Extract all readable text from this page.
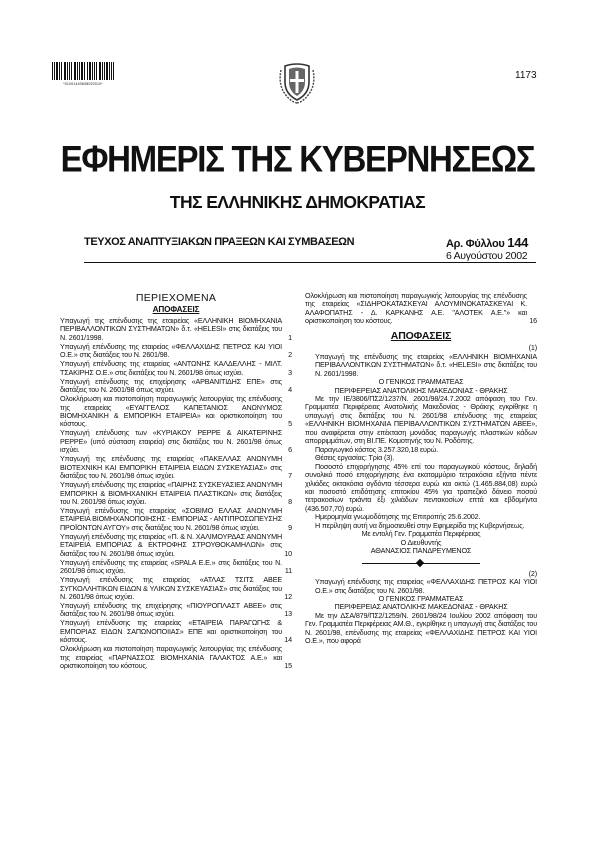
*01001440608020010*
1173
ΕΦΗΜΕΡΙΣ ΤΗΣ ΚΥΒΕΡΝΗΣΕΩΣ
ΤΗΣ ΕΛΛΗΝΙΚΗΣ ΔΗΜΟΚΡΑΤΙΑΣ
ΤΕΥΧΟΣ ΑΝΑΠΤΥΞΙΑΚΩΝ ΠΡΑΞΕΩΝ ΚΑΙ ΣΥΜΒΑΣΕΩΝ	Αρ. Φύλλου 144
6 Αυγούστου 2002
ΠΕΡΙΕΧΟΜΕΝΑ
ΑΠΟΦΑΣΕΙΣ
Υπαγωγή της επένδυσης της εταιρείας «ΕΛΛΗΝΙΚΗ ΒΙΟΜΗΧΑΝΙΑ ΠΕΡΙΒΑΛΛΟΝΤΙΚΩΝ ΣΥΣΤΗΜΑΤΩΝ» δ.τ. «HELESI» στις διατάξεις του Ν. 2601/1998.	1
Υπαγωγή επένδυσης της εταιρείας «ΦΕΛΛΑΧΙΔΗΣ ΠΕΤΡΟΣ ΚΑΙ ΥΙΟΙ Ο.Ε.» στις διατάξεις του Ν. 2601/98.	2
Υπαγωγή επένδυσης της εταιρείας «ΑΝΤΩΝΗΣ ΚΑΛΔΕΛΛΗΣ - ΜΙΛΤ. ΤΣΑΚΙΡΗΣ Ο.Ε.» στις διατάξεις του Ν. 2601/98 όπως ισχύει.	3
Υπαγωγή επένδυσης της επιχείρησης «ΑΡΒΑΝΙΤΙΔΗΣ ΕΠΕ» στις διατάξεις του Ν. 2601/98 όπως ισχύει.	4
Ολοκλήρωση και πιστοποίηση παραγωγικής λειτουργίας της επένδυσης της εταιρείας «ΕΥΑΓΓΕΛΟΣ ΚΑΠΕΤΑΝΙΟΣ ΑΝΩΝΥΜΟΣ ΒΙΟΜΗΧΑΝΙΚΗ & ΕΜΠΟΡΙΚΗ ΕΤΑΙΡΕΙΑ» και οριστικοποίηση του κόστους.	5
Υπαγωγή επένδυσης των «ΚΥΡΙΑΚΟΥ ΡΕΡΡΕ & ΑΙΚΑΤΕΡΙΝΗΣ ΡΕΡΡΕ» (υπό σύσταση εταιρεία) στις διατάξεις του Ν. 2601/98 όπως ισχύει.	6
Υπαγωγή της επένδυσης της εταιρείας «ΠΑΚΕΛΛΑΣ ΑΝΩΝΥΜΗ ΒΙΟΤΕΧΝΙΚΗ ΚΑΙ ΕΜΠΟΡΙΚΗ ΕΤΑΙΡΕΙΑ ΕΙΔΩΝ ΣΥΣΚΕΥΑΣΙΑΣ» στις διατάξεις του Ν. 2601/98 όπως ισχύει.	7
Υπαγωγή επένδυσης της εταιρείας «ΠΑΙΡΗΣ ΣΥΣΚΕΥΑΣΙΕΣ ΑΝΩΝΥΜΗ ΕΜΠΟΡΙΚΗ & ΒΙΟΜΗΧΑΝΙΚΗ ΕΤΑΙΡΕΙΑ ΠΛΑΣΤΙΚΩΝ» στις διατάξεις του Ν. 2601/98 όπως ισχύει.	8
Υπαγωγή επένδυσης της εταιρείας «ΣΟΒΙΜΟ ΕΛΛΑΣ ΑΝΩΝΥΜΗ ΕΤΑΙΡΕΙΑ ΒΙΟΜΗΧΑΝΟΠΟΙΗΣΗΣ - ΕΜΠΟΡΙΑΣ - ΑΝΤΙΠΡΟΣΩΠΕΥΣΗΣ ΠΡΟΪΟΝΤΩΝ ΑΥΓΟΥ» στις διατάξεις του Ν. 2601/98 όπως ισχύει.	9
Υπαγωγή επένδυσης της εταιρείας «Π. & Ν. ΧΑΛΙΜΟΥΡΔΑΣ ΑΝΩΝΥΜΗ ΕΤΑΙΡΕΙΑ ΕΜΠΟΡΙΑΣ & ΕΚΤΡΟΦΗΣ ΣΤΡΟΥΘΟΚΑΜΗΛΩΝ» στις διατάξεις του Ν. 2601/98 όπως ισχύει.	10
Υπαγωγή επένδυσης της εταιρείας «SPALA Ε.Ε.» στις διατάξεις του Ν. 2601/98 όπως ισχύει.	11
Υπαγωγή επένδυσης της εταιρείας «ΑΤΛΑΣ ΤΣΙΤΣ ΑΒΕΕ ΣΥΓΚΟΛΛΗΤΙΚΩΝ ΕΙΔΩΝ & ΥΛΙΚΩΝ ΣΥΣΚΕΥΑΣΙΑΣ» στις διατάξεις του Ν. 2601/98 όπως ισχύει.	12
Υπαγωγή επένδυσης της επιχείρησης «ΠΙΟΥΡΟΠΛΑΣΤ ΑΒΕΕ» στις διατάξεις του Ν. 2601/98 όπως ισχύει.	13
Υπαγωγή επένδυσης της εταιρείας «ΕΤΑΙΡΕΙΑ ΠΑΡΑΓΩΓΗΣ & ΕΜΠΟΡΙΑΣ ΕΙΔΩΝ ΣΑΠΩΝΟΠΟΙΙΑΣ» ΕΠΕ και οριστικοποίηση του κόστους.	14
Ολοκλήρωση και πιστοποίηση παραγωγικής λειτουργίας της επένδυσης της εταιρείας «ΠΑΡΝΑΣΣΟΣ ΒΙΟΜΗΧΑΝΙΑ ΓΑΛΑΚΤΟΣ Α.Ε.» και οριστικοποίηση του κόστους.	15
Ολοκλήρωση και πιστοποίηση παραγωγικής λειτουργίας της επένδυσης της εταιρείας «ΣΙΔΗΡΟΚΑΤΑΣΚΕΥΑΙ ΑΛΟΥΜΙΝΟΚΑΤΑΣΚΕΥΑΙ Κ. ΑΛΑΦΟΠΑΤΗΣ - Δ. ΚΑΡΚΑΝΗΣ Α.Ε. "ΑΛΟΤΕΚ Α.Ε."» και οριστικοποίηση του κόστους.	16
ΑΠΟΦΑΣΕΙΣ
(1)
Υπαγωγή της επένδυσης της εταιρείας «ΕΛΛΗΝΙΚΗ ΒΙΟΜΗΧΑΝΙΑ ΠΕΡΙΒΑΛΛΟΝΤΙΚΩΝ ΣΥΣΤΗΜΑΤΩΝ» δ.τ. «HELESI» στις διατάξεις του Ν. 2601/1998.
Ο ΓΕΝΙΚΟΣ ΓΡΑΜΜΑΤΕΑΣ
ΠΕΡΙΦΕΡΕΙΑΣ ΑΝΑΤΟΛΙΚΗΣ ΜΑΚΕΔΟΝΙΑΣ - ΘΡΑΚΗΣ
Με την ΙΕ/3806/ΠΣ2/1237/Ν. 2601/98/24.7.2002 απόφαση του Γεν. Γραμματέα Περιφέρειας Ανατολικής Μακεδονίας - Θράκης εγκρίθηκε η υπαγωγή στις διατάξεις του Ν. 2601/98 επένδυσης της εταιρείας «ΕΛΛΗΝΙΚΗ ΒΙΟΜΗΧΑΝΙΑ ΠΕΡΙΒΑΛΛΟΝΤΙΚΩΝ ΣΥΣΤΗΜΑΤΩΝ ΑΒΕΕ», που αναφέρεται στην επέκταση μονάδας παραγωγής πλαστικών κάδων απορριμμάτων, στη ΒΙ.ΠΕ. Κομοτηνής του Ν. Ροδόπης.
Παραγωγικό κόστος 3.257.320,18 ευρώ.
Θέσεις εργασίας: Τρία (3).
Ποσοστό επιχορήγησης 45% επί του παραγωγικού κόστους, δηλαδή συνολικό ποσό επιχορήγησης ένα εκατομμύριο τετρακόσια εξήντα πέντε χιλιάδες οκτακόσια ογδόντα τέσσερα ευρώ και οκτώ (1.465.884,08) ευρώ και ποσοστό επιδότησης επιτοκίου 45% για τραπεζικό δάνειο ποσού τετρακοσίων τριάντα έξι χιλιάδων πεντακοσίων επτά και εβδομήντα (436.507,70) ευρώ.
Ημερομηνία γνωμοδότησης της Επιτροπής 25.6.2002.
Η περίληψη αυτή να δημοσιευθεί στην Εφημερίδα της Κυβερνήσεως.
Με εντολή Γεν. Γραμματέα Περιφέρειας
Ο Διευθυντής
ΑΘΑΝΑΣΙΟΣ ΠΑΝΔΡΕΥΜΕΝΟΣ
(2)
Υπαγωγή επένδυσης της εταιρείας «ΦΕΛΛΑΧΙΔΗΣ ΠΕΤΡΟΣ ΚΑΙ ΥΙΟΙ Ο.Ε.» στις διατάξεις του Ν. 2601/98.
Ο ΓΕΝΙΚΟΣ ΓΡΑΜΜΑΤΕΑΣ
ΠΕΡΙΦΕΡΕΙΑΣ ΑΝΑΤΟΛΙΚΗΣ ΜΑΚΕΔΟΝΙΑΣ - ΘΡΑΚΗΣ
Με την ΔΣΑ/879/ΠΣ2/1259/Ν. 2601/98/24 Ιουλίου 2002 απόφαση του Γεν. Γραμματέα Περιφέρειας ΑΜ.Θ., εγκρίθηκε η υπαγωγή στις διατάξεις του Ν. 2601/98, επένδυσης της εταιρείας «ΦΕΛΛΑΧΙΔΗΣ ΠΕΤΡΟΣ ΚΑΙ ΥΙΟΙ Ο.Ε.», που αφορά
